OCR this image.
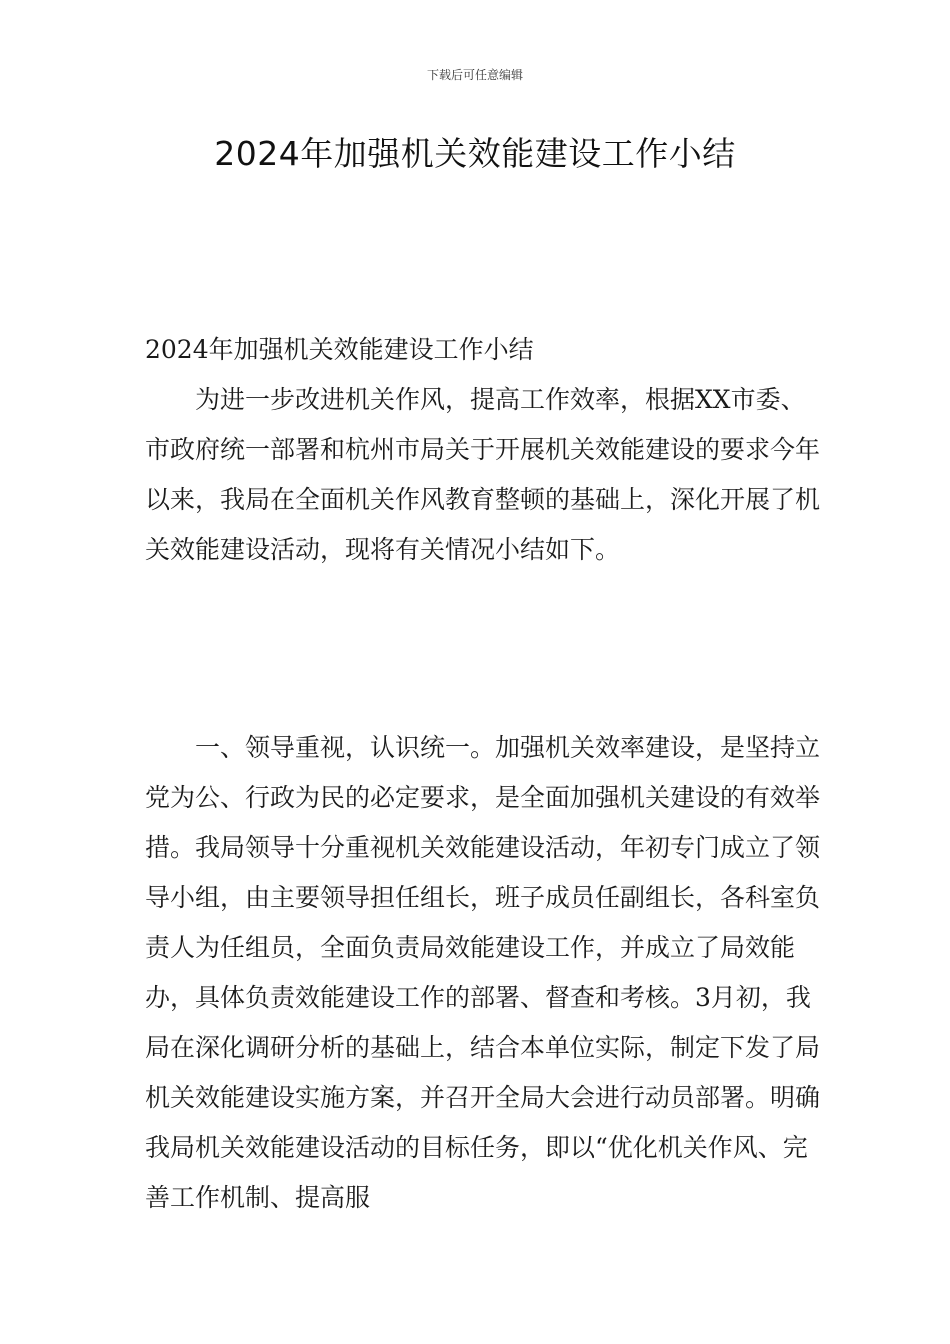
下载后可任意编辑
2024年加强机关效能建设工作小结

2024年加强机关效能建设工作小结

为进一步改进机关作风，提高工作效率，根据XX市委、市政府统一部署和杭州市局关于开展机关效能建设的要求今年以来，我局在全面机关作风教育整顿的基础上，深化开展了机关效能建设活动，现将有关情况小结如下。

一、领导重视，认识统一。加强机关效率建设，是坚持立党为公、行政为民的必定要求，是全面加强机关建设的有效举措。我局领导十分重视机关效能建设活动，年初专门成立了领导小组，由主要领导担任组长，班子成员任副组长，各科室负责人为任组员，全面负责局效能建设工作，并成立了局效能办，具体负责效能建设工作的部署、督查和考核。3月初，我局在深化调研分析的基础上，结合本单位实际，制定下发了局机关效能建设实施方案，并召开全局大会进行动员部署。明确我局机关效能建设活动的目标任务，即以“优化机关作风、完善工作机制、提高服
